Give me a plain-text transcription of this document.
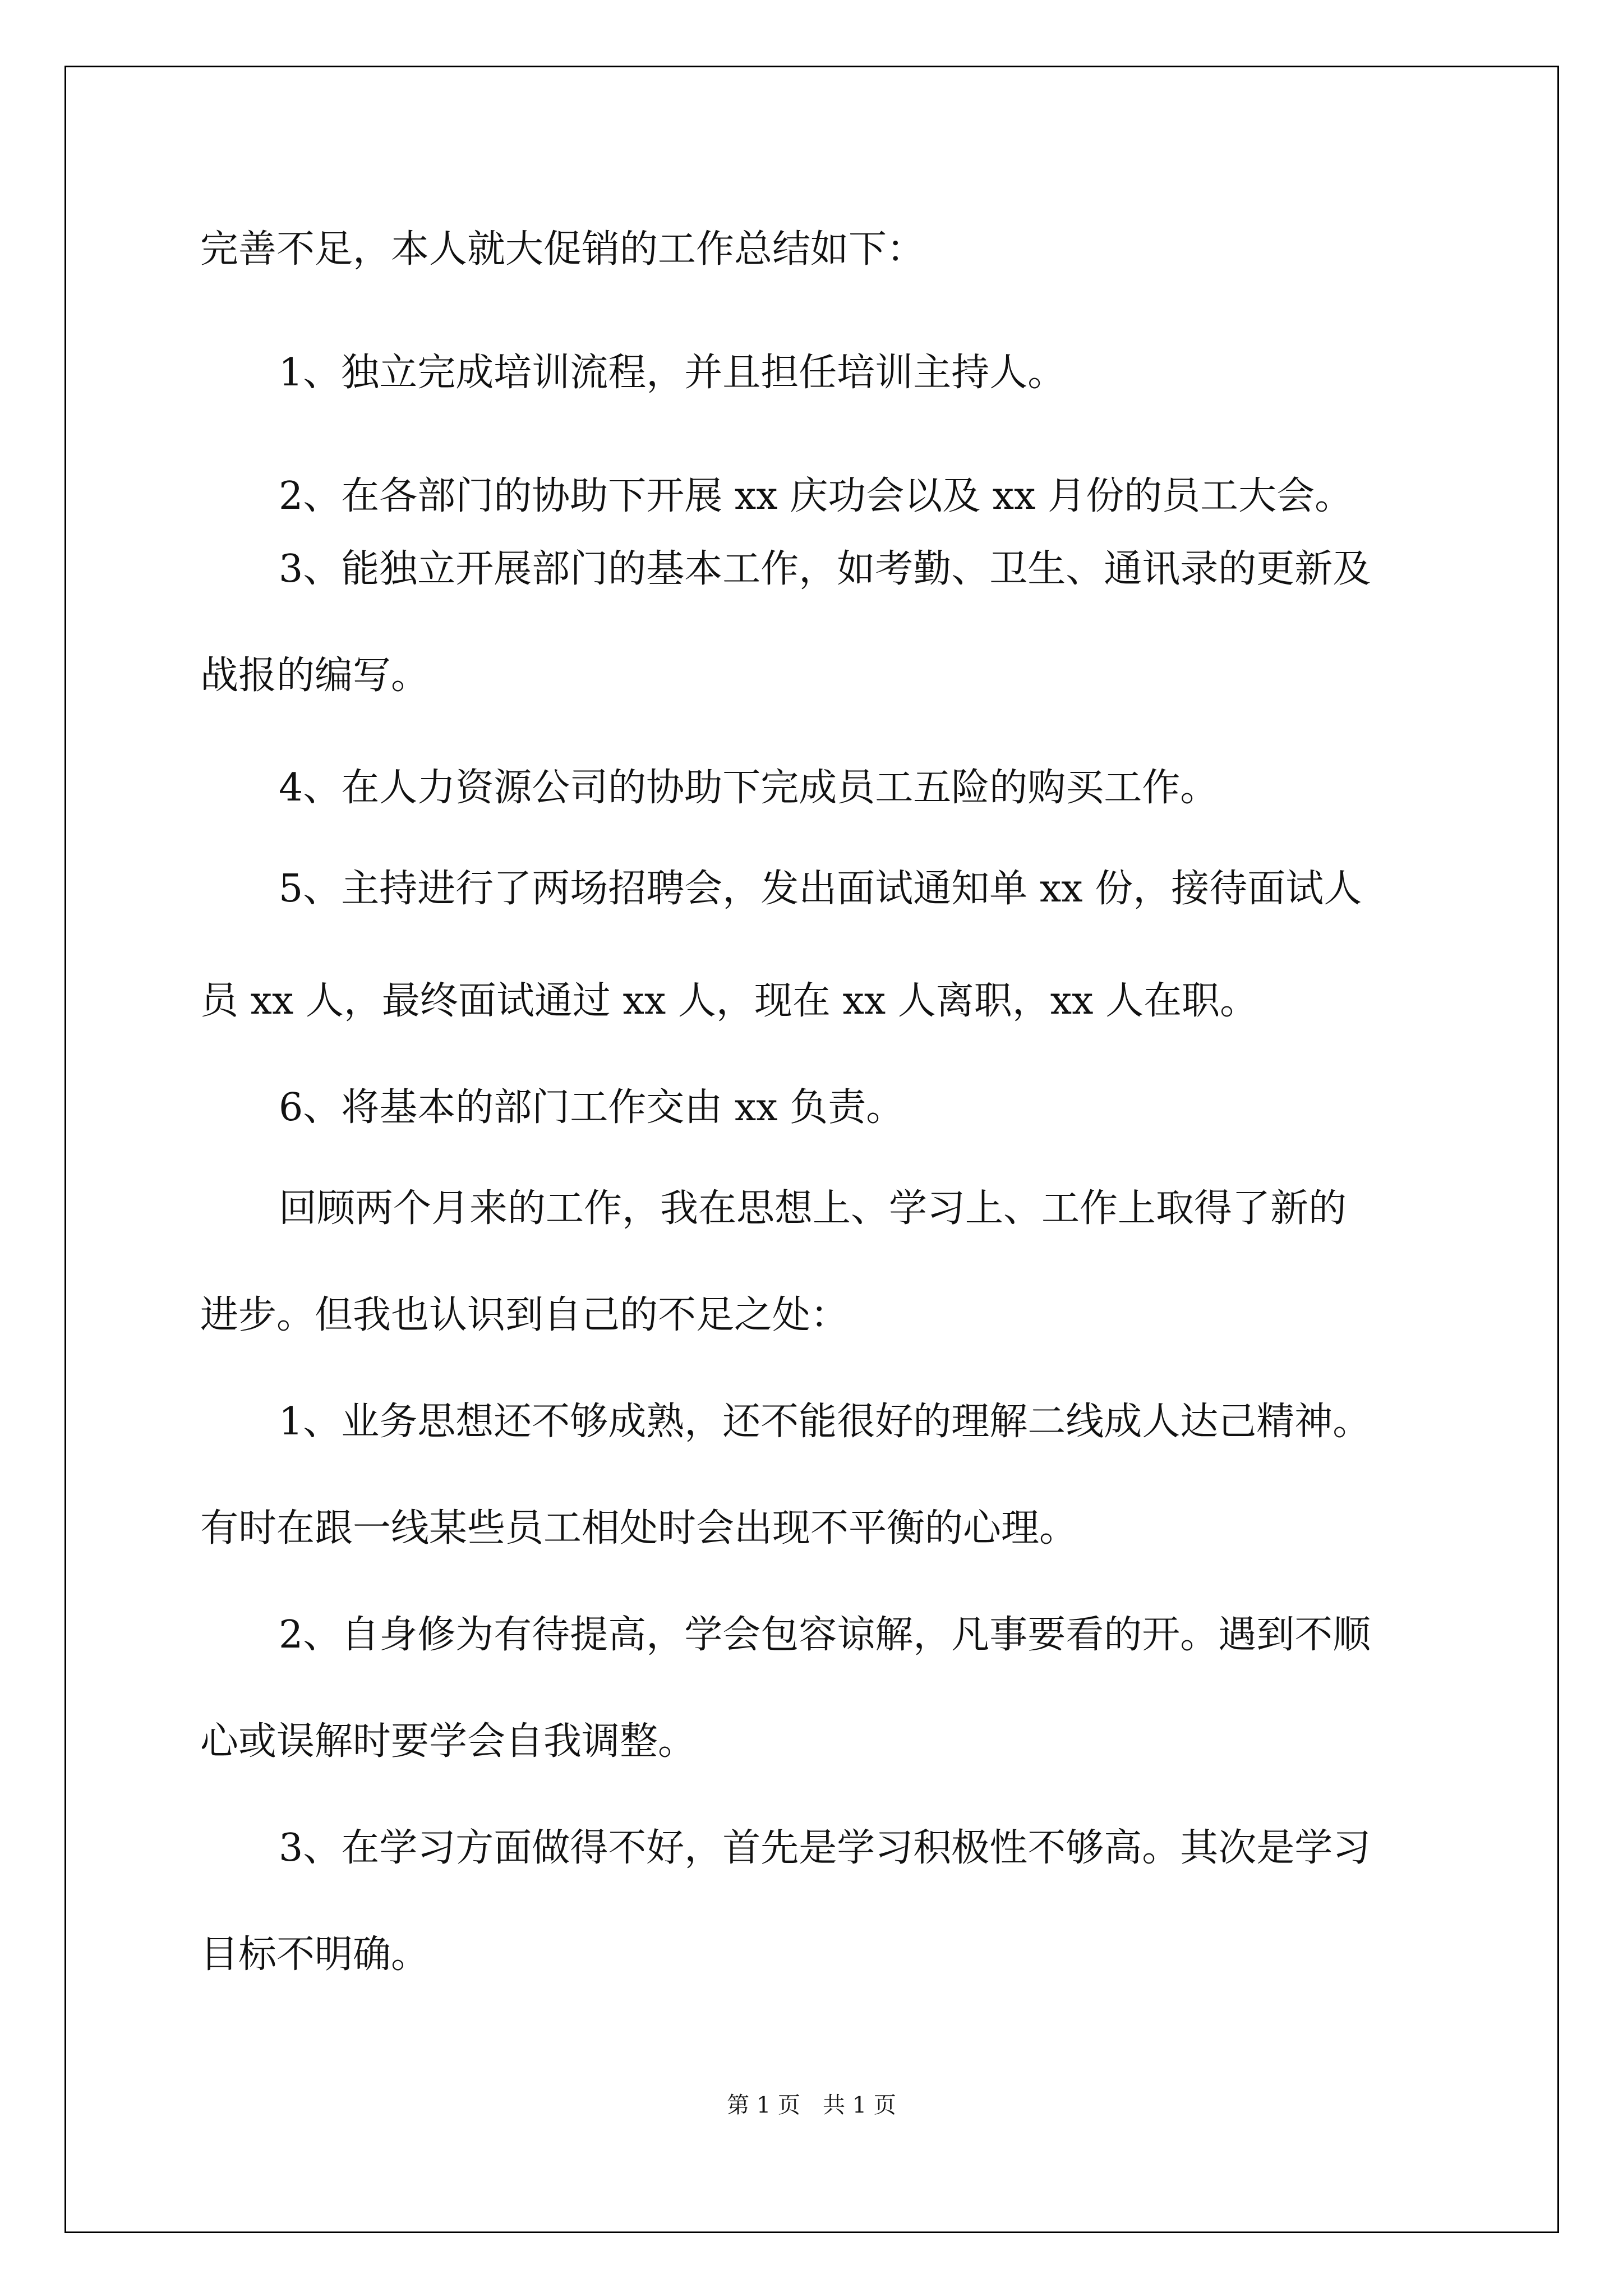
完善不足，本人就大促销的工作总结如下：

1、独立完成培训流程，并且担任培训主持人。

2、在各部门的协助下开展 xx 庆功会以及 xx 月份的员工大会。

3、能独立开展部门的基本工作，如考勤、卫生、通讯录的更新及

战报的编写。

4、在人力资源公司的协助下完成员工五险的购买工作。

5、主持进行了两场招聘会，发出面试通知单 xx 份，接待面试人

员 xx 人，最终面试通过 xx 人，现在 xx 人离职，xx 人在职。

6、将基本的部门工作交由 xx 负责。

回顾两个月来的工作，我在思想上、学习上、工作上取得了新的

进步。但我也认识到自己的不足之处：

1、业务思想还不够成熟，还不能很好的理解二线成人达己精神。

有时在跟一线某些员工相处时会出现不平衡的心理。

2、自身修为有待提高，学会包容谅解，凡事要看的开。遇到不顺

心或误解时要学会自我调整。

3、在学习方面做得不好，首先是学习积极性不够高。其次是学习

目标不明确。

第 1 页 共 1 页
